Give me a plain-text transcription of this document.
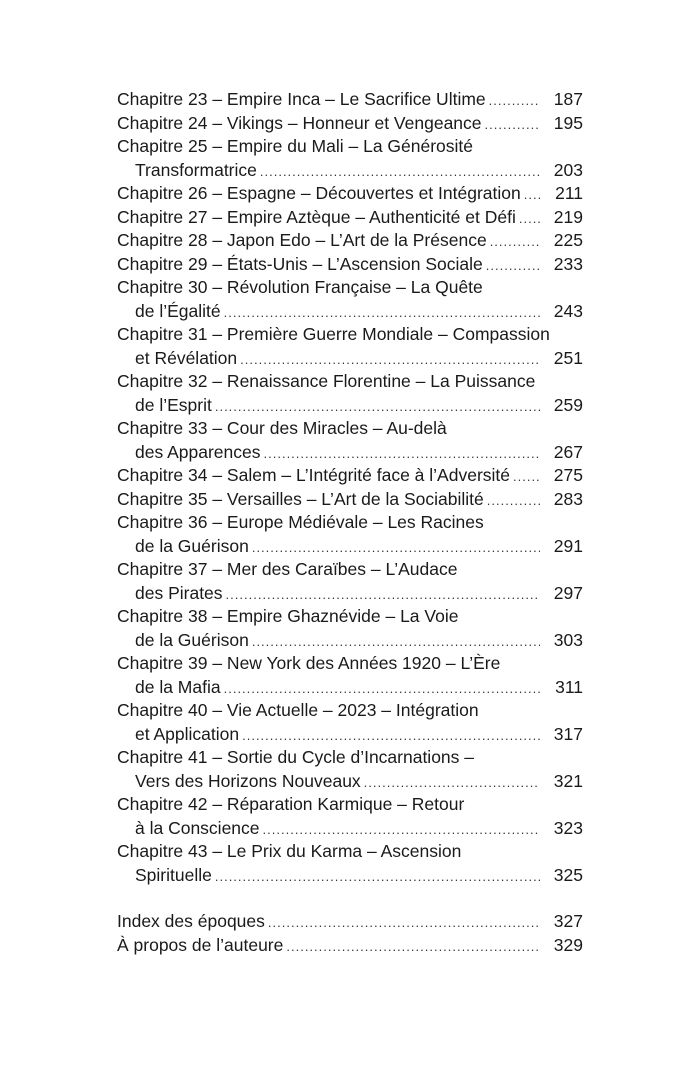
Chapitre 23 – Empire Inca – Le Sacrifice Ultime .....	187
Chapitre 24 – Vikings – Honneur et Vengeance .....	195
Chapitre 25 – Empire du Mali – La Générosité
Transformatrice .....	203
Chapitre 26 – Espagne – Découvertes et Intégration .....	211
Chapitre 27 – Empire Aztèque – Authenticité et Défi .....	219
Chapitre 28 – Japon Edo – L’Art de la Présence .....	225
Chapitre 29 – États-Unis – L’Ascension Sociale .....	233
Chapitre 30 – Révolution Française – La Quête
de l’Égalité .....	243
Chapitre 31 – Première Guerre Mondiale – Compassion
et Révélation .....	251
Chapitre 32 – Renaissance Florentine – La Puissance
de l’Esprit .....	259
Chapitre 33 – Cour des Miracles – Au-delà
des Apparences .....	267
Chapitre 34 – Salem – L’Intégrité face à l’Adversité .....	275
Chapitre 35 – Versailles – L’Art de la Sociabilité .....	283
Chapitre 36 – Europe Médiévale – Les Racines
de la Guérison .....	291
Chapitre 37 – Mer des Caraïbes – L’Audace
des Pirates .....	297
Chapitre 38 – Empire Ghaznévide – La Voie
de la Guérison .....	303
Chapitre 39 – New York des Années 1920 – L’Ère
de la Mafia .....	311
Chapitre 40 – Vie Actuelle – 2023 – Intégration
et Application .....	317
Chapitre 41 – Sortie du Cycle d’Incarnations –
Vers des Horizons Nouveaux .....	321
Chapitre 42 – Réparation Karmique – Retour
à la Conscience .....	323
Chapitre 43 – Le Prix du Karma – Ascension
Spirituelle .....	325
Index des époques .....	327
À propos de l’auteure .....	329
